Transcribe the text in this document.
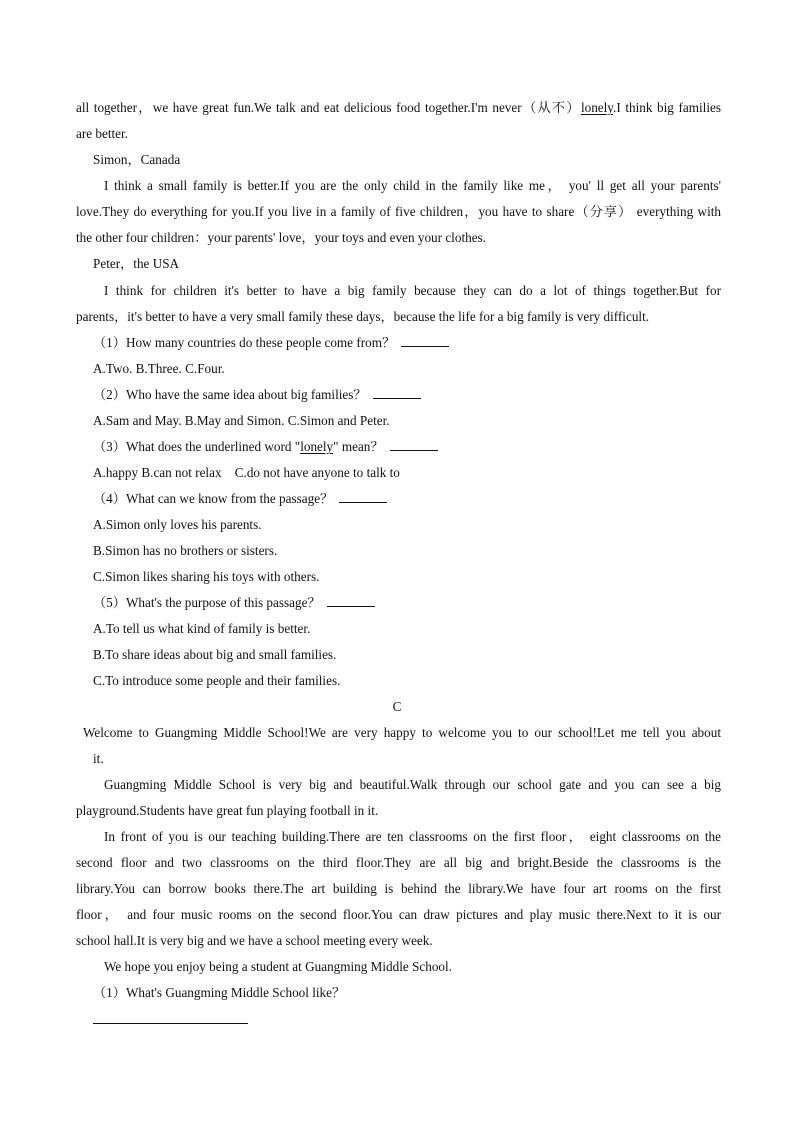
all together，we have great fun.We talk and eat delicious food together.I'm never（从不）lonely.I think big families
are better.
Simon，Canada
I think a small family is better.If you are the only child in the family like me， you' ll get all your parents'
love.They do everything for you.If you live in a family of five children，you have to share（分享） everything with
the other four children：your parents' love，your toys and even your clothes.
Peter，the USA
I think for children it's better to have a big family because they can do a lot of things together.But for
parents，it's better to have a very small family these days，because the life for a big family is very difficult.
（1）How many countries do these people come from？
A.Two. B.Three. C.Four.
（2）Who have the same idea about big families？
A.Sam and May. B.May and Simon. C.Simon and Peter.
（3）What does the underlined word "lonely" mean？
A.happy B.can not relax    C.do not have anyone to talk to
（4）What can we know from the passage？
A.Simon only loves his parents.
B.Simon has no brothers or sisters.
C.Simon likes sharing his toys with others.
（5）What's the purpose of this passage？
A.To tell us what kind of family is better.
B.To share ideas about big and small families.
C.To introduce some people and their families.
C
Welcome to Guangming Middle School!We are very happy to welcome you to our school!Let me tell you about
it.
Guangming Middle School is very big and beautiful.Walk through our school gate and you can see a big
playground.Students have great fun playing football in it.
In front of you is our teaching building.There are ten classrooms on the first floor， eight classrooms on the
second floor and two classrooms on the third floor.They are all big and bright.Beside the classrooms is the
library.You can borrow books there.The art building is behind the library.We have four art rooms on the first
floor， and four music rooms on the second floor.You can draw pictures and play music there.Next to it is our
school hall.It is very big and we have a school meeting every week.
We hope you enjoy being a student at Guangming Middle School.
（1）What's Guangming Middle School like？
